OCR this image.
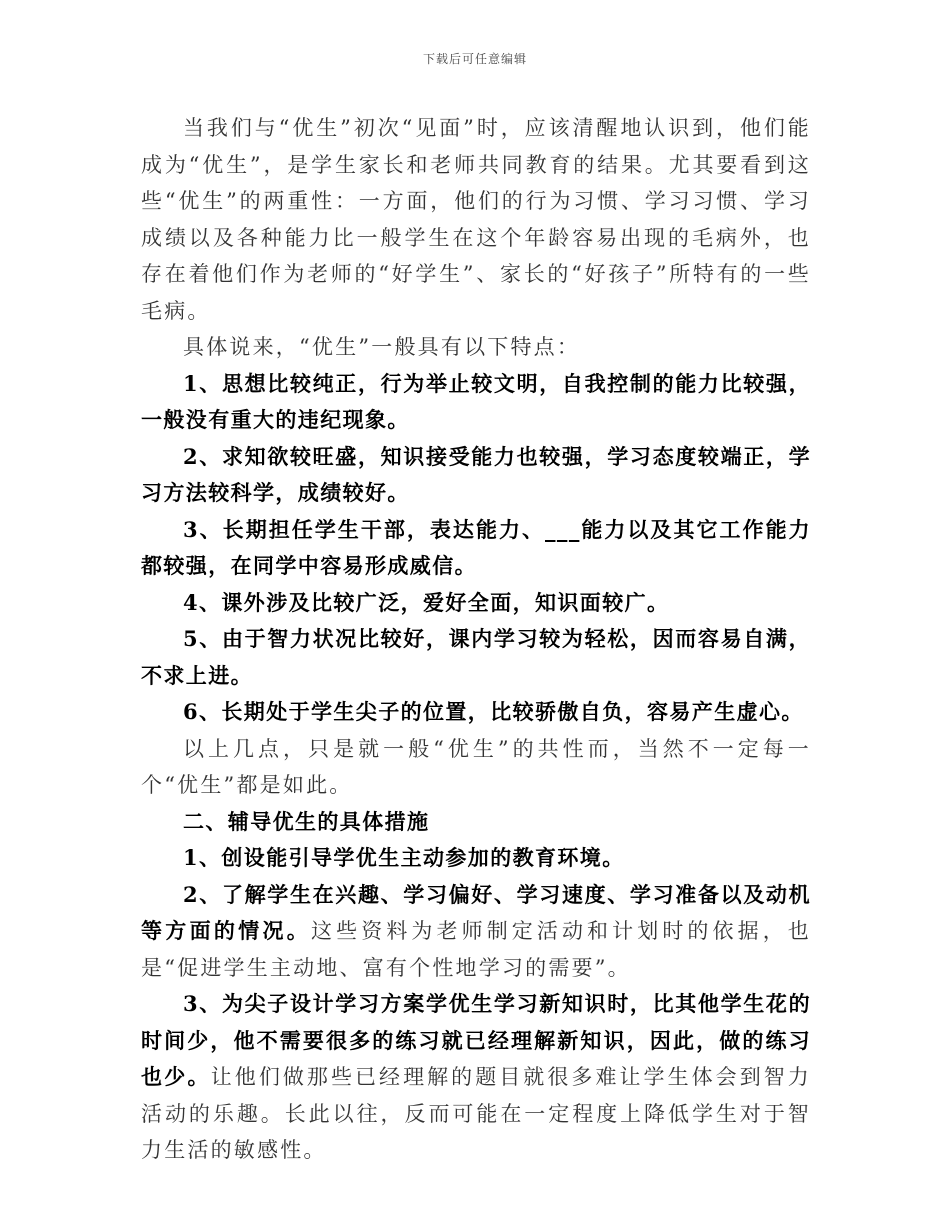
下载后可任意编辑

当我们与“优生”初次“见面”时，应该清醒地认识到，他们能成为“优生”，是学生家长和老师共同教育的结果。尤其要看到这些“优生”的两重性：一方面，他们的行为习惯、学习习惯、学习成绩以及各种能力比一般学生在这个年龄容易出现的毛病外，也存在着他们作为老师的“好学生”、家长的“好孩子”所特有的一些毛病。

具体说来，“优生”一般具有以下特点：

1、思想比较纯正，行为举止较文明，自我控制的能力比较强，一般没有重大的违纪现象。

2、求知欲较旺盛，知识接受能力也较强，学习态度较端正，学习方法较科学，成绩较好。

3、长期担任学生干部，表达能力、___能力以及其它工作能力都较强，在同学中容易形成威信。

4、课外涉及比较广泛，爱好全面，知识面较广。

5、由于智力状况比较好，课内学习较为轻松，因而容易自满，不求上进。

6、长期处于学生尖子的位置，比较骄傲自负，容易产生虚心。

以上几点，只是就一般“优生”的共性而，当然不一定每一个“优生”都是如此。

二、辅导优生的具体措施

1、创设能引导学优生主动参加的教育环境。

2、了解学生在兴趣、学习偏好、学习速度、学习准备以及动机等方面的情况。这些资料为老师制定活动和计划时的依据，也是“促进学生主动地、富有个性地学习的需要”。

3、为尖子设计学习方案学优生学习新知识时，比其他学生花的时间少，他不需要很多的练习就已经理解新知识，因此，做的练习也少。让他们做那些已经理解的题目就很多难让学生体会到智力活动的乐趣。长此以往，反而可能在一定程度上降低学生对于智力生活的敏感性。
